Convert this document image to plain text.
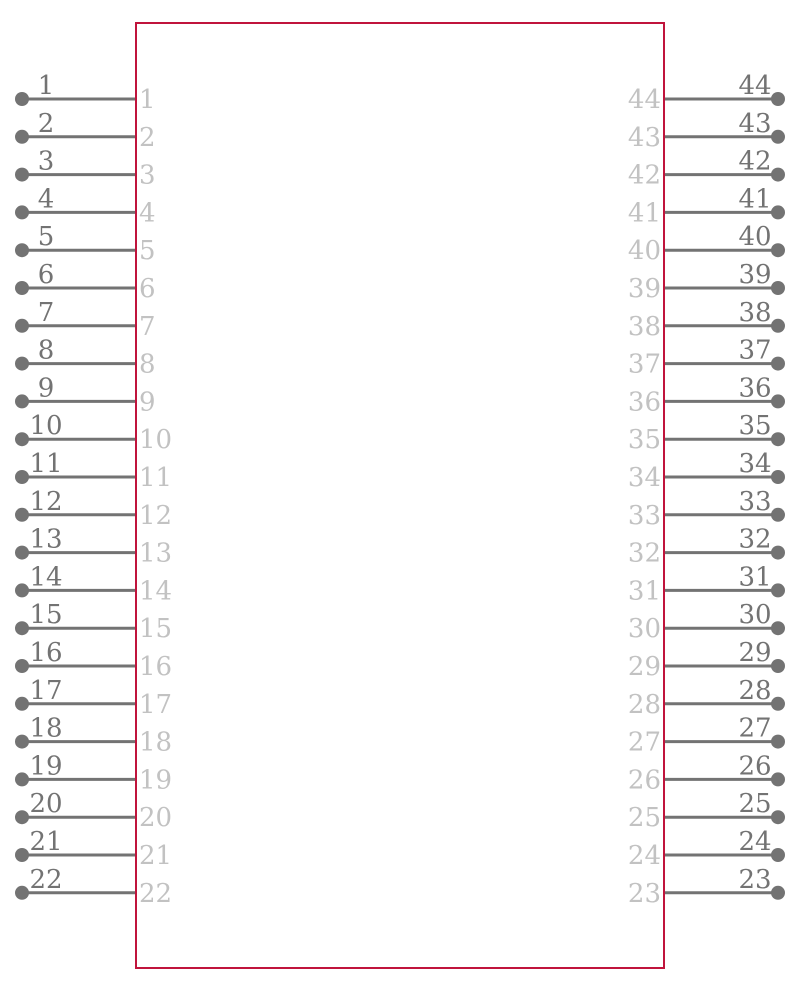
1	1
2	2
3	3
4	4
5	5
6	6
7	7
8	8
9	9
10	10
11	11
12	12
13	13
14	14
15	15
16	16
17	17
18	18
19	19
20	20
21	21
22	22
44
44
43
43
42
42
41
41
40
40
39
39
38
38
37
37
36
36
35
35
34
34
33
33
32
32
31
31
30
30
29
29
28
28
27
27
26
26
25
25
24
24
23
23
